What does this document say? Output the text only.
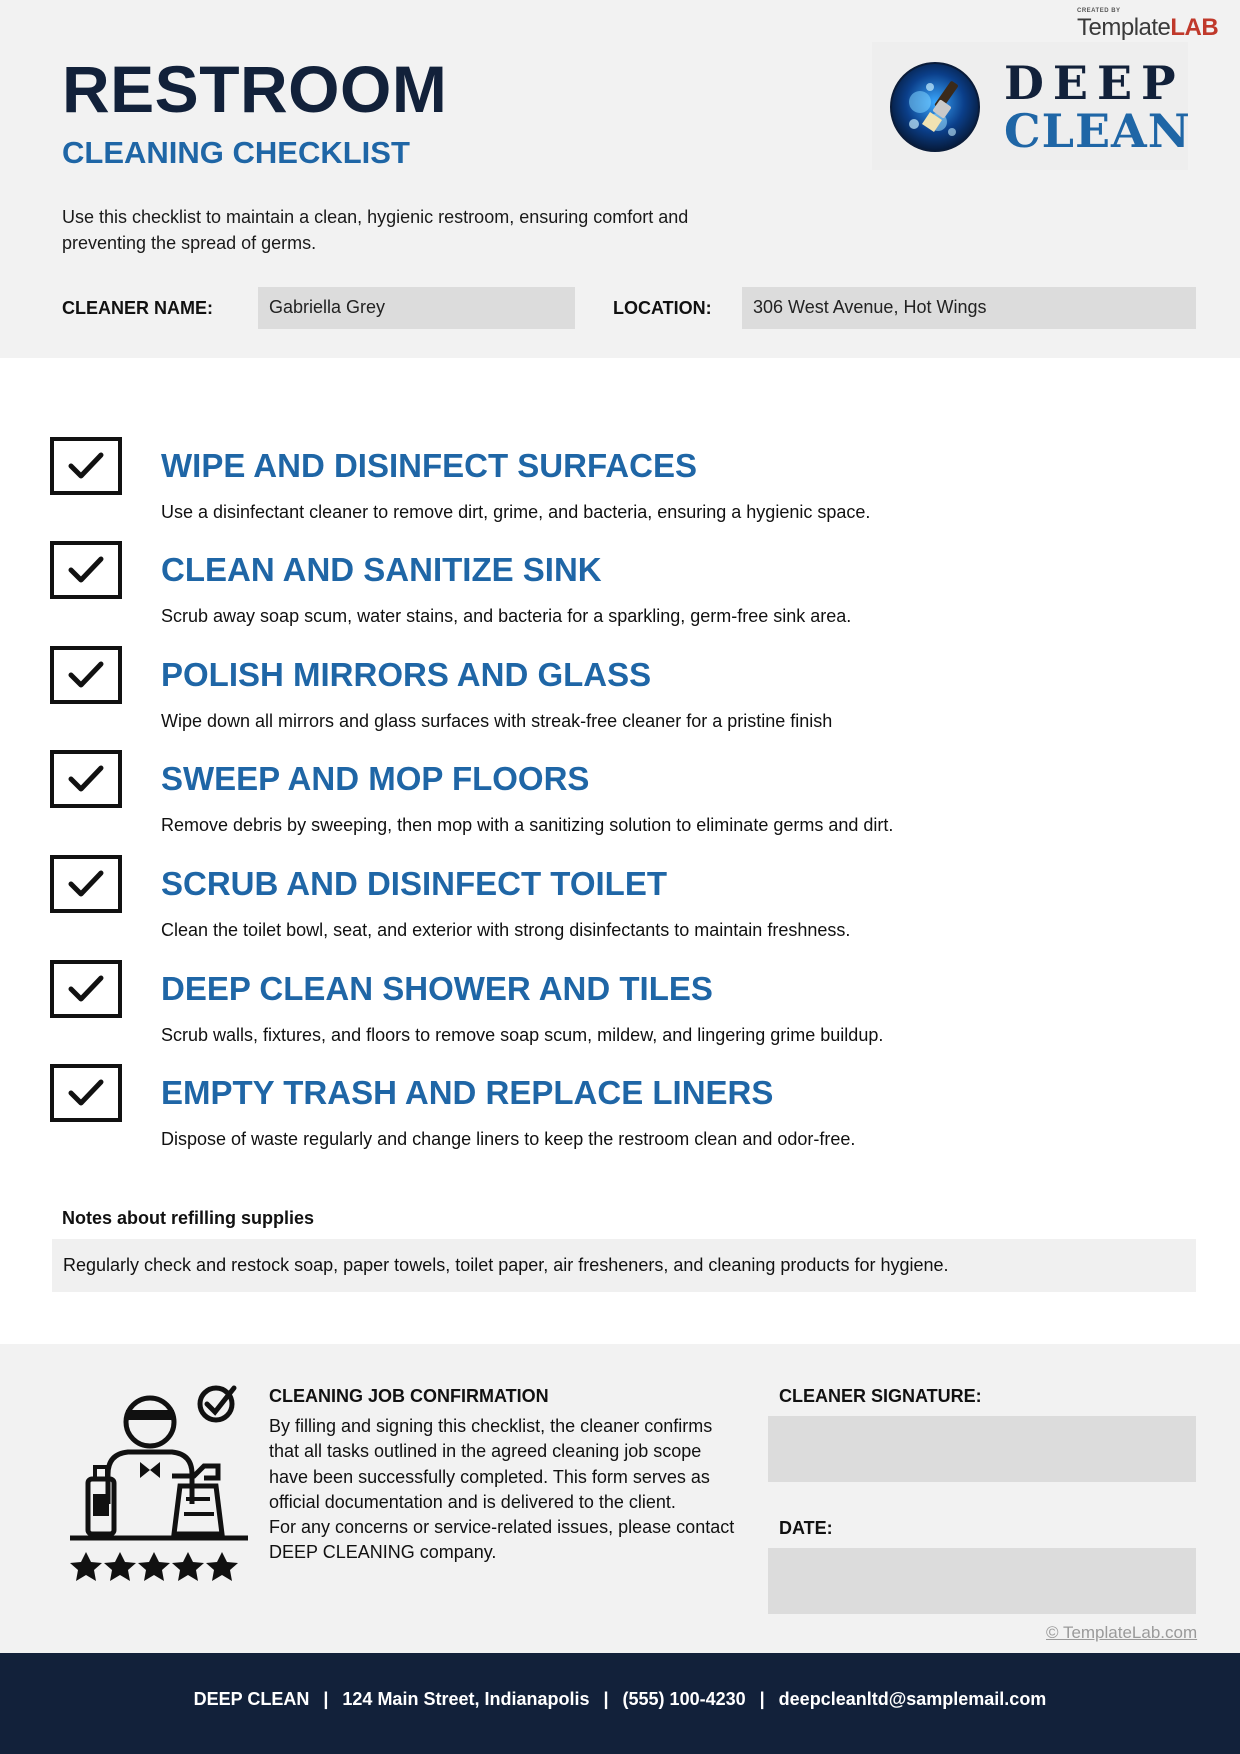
CREATED BY
TemplateLAB
RESTROOM
CLEANING CHECKLIST
Use this checklist to maintain a clean, hygienic restroom, ensuring comfort and preventing the spread of germs.
DEEP
CLEAN
CLEANER NAME:	Gabriella Grey	LOCATION:	306 West Avenue, Hot Wings
WIPE AND DISINFECT SURFACES
Use a disinfectant cleaner to remove dirt, grime, and bacteria, ensuring a hygienic space.
CLEAN AND SANITIZE SINK
Scrub away soap scum, water stains, and bacteria for a sparkling, germ-free sink area.
POLISH MIRRORS AND GLASS
Wipe down all mirrors and glass surfaces with streak-free cleaner for a pristine finish
SWEEP AND MOP FLOORS
Remove debris by sweeping, then mop with a sanitizing solution to eliminate germs and dirt.
SCRUB AND DISINFECT TOILET
Clean the toilet bowl, seat, and exterior with strong disinfectants to maintain freshness.
DEEP CLEAN SHOWER AND TILES
Scrub walls, fixtures, and floors to remove soap scum, mildew, and lingering grime buildup.
EMPTY TRASH AND REPLACE LINERS
Dispose of waste regularly and change liners to keep the restroom clean and odor-free.
Notes about refilling supplies
Regularly check and restock soap, paper towels, toilet paper, air fresheners, and cleaning products for hygiene.
CLEANING JOB CONFIRMATION
By filling and signing this checklist, the cleaner confirms that all tasks outlined in the agreed cleaning job scope have been successfully completed. This form serves as official documentation and is delivered to the client.
For any concerns or service-related issues, please contact DEEP CLEANING company.
CLEANER SIGNATURE:
DATE:
© TemplateLab.com
DEEP CLEAN | 124 Main Street, Indianapolis | (555) 100-4230 | deepcleanltd@samplemail.com
